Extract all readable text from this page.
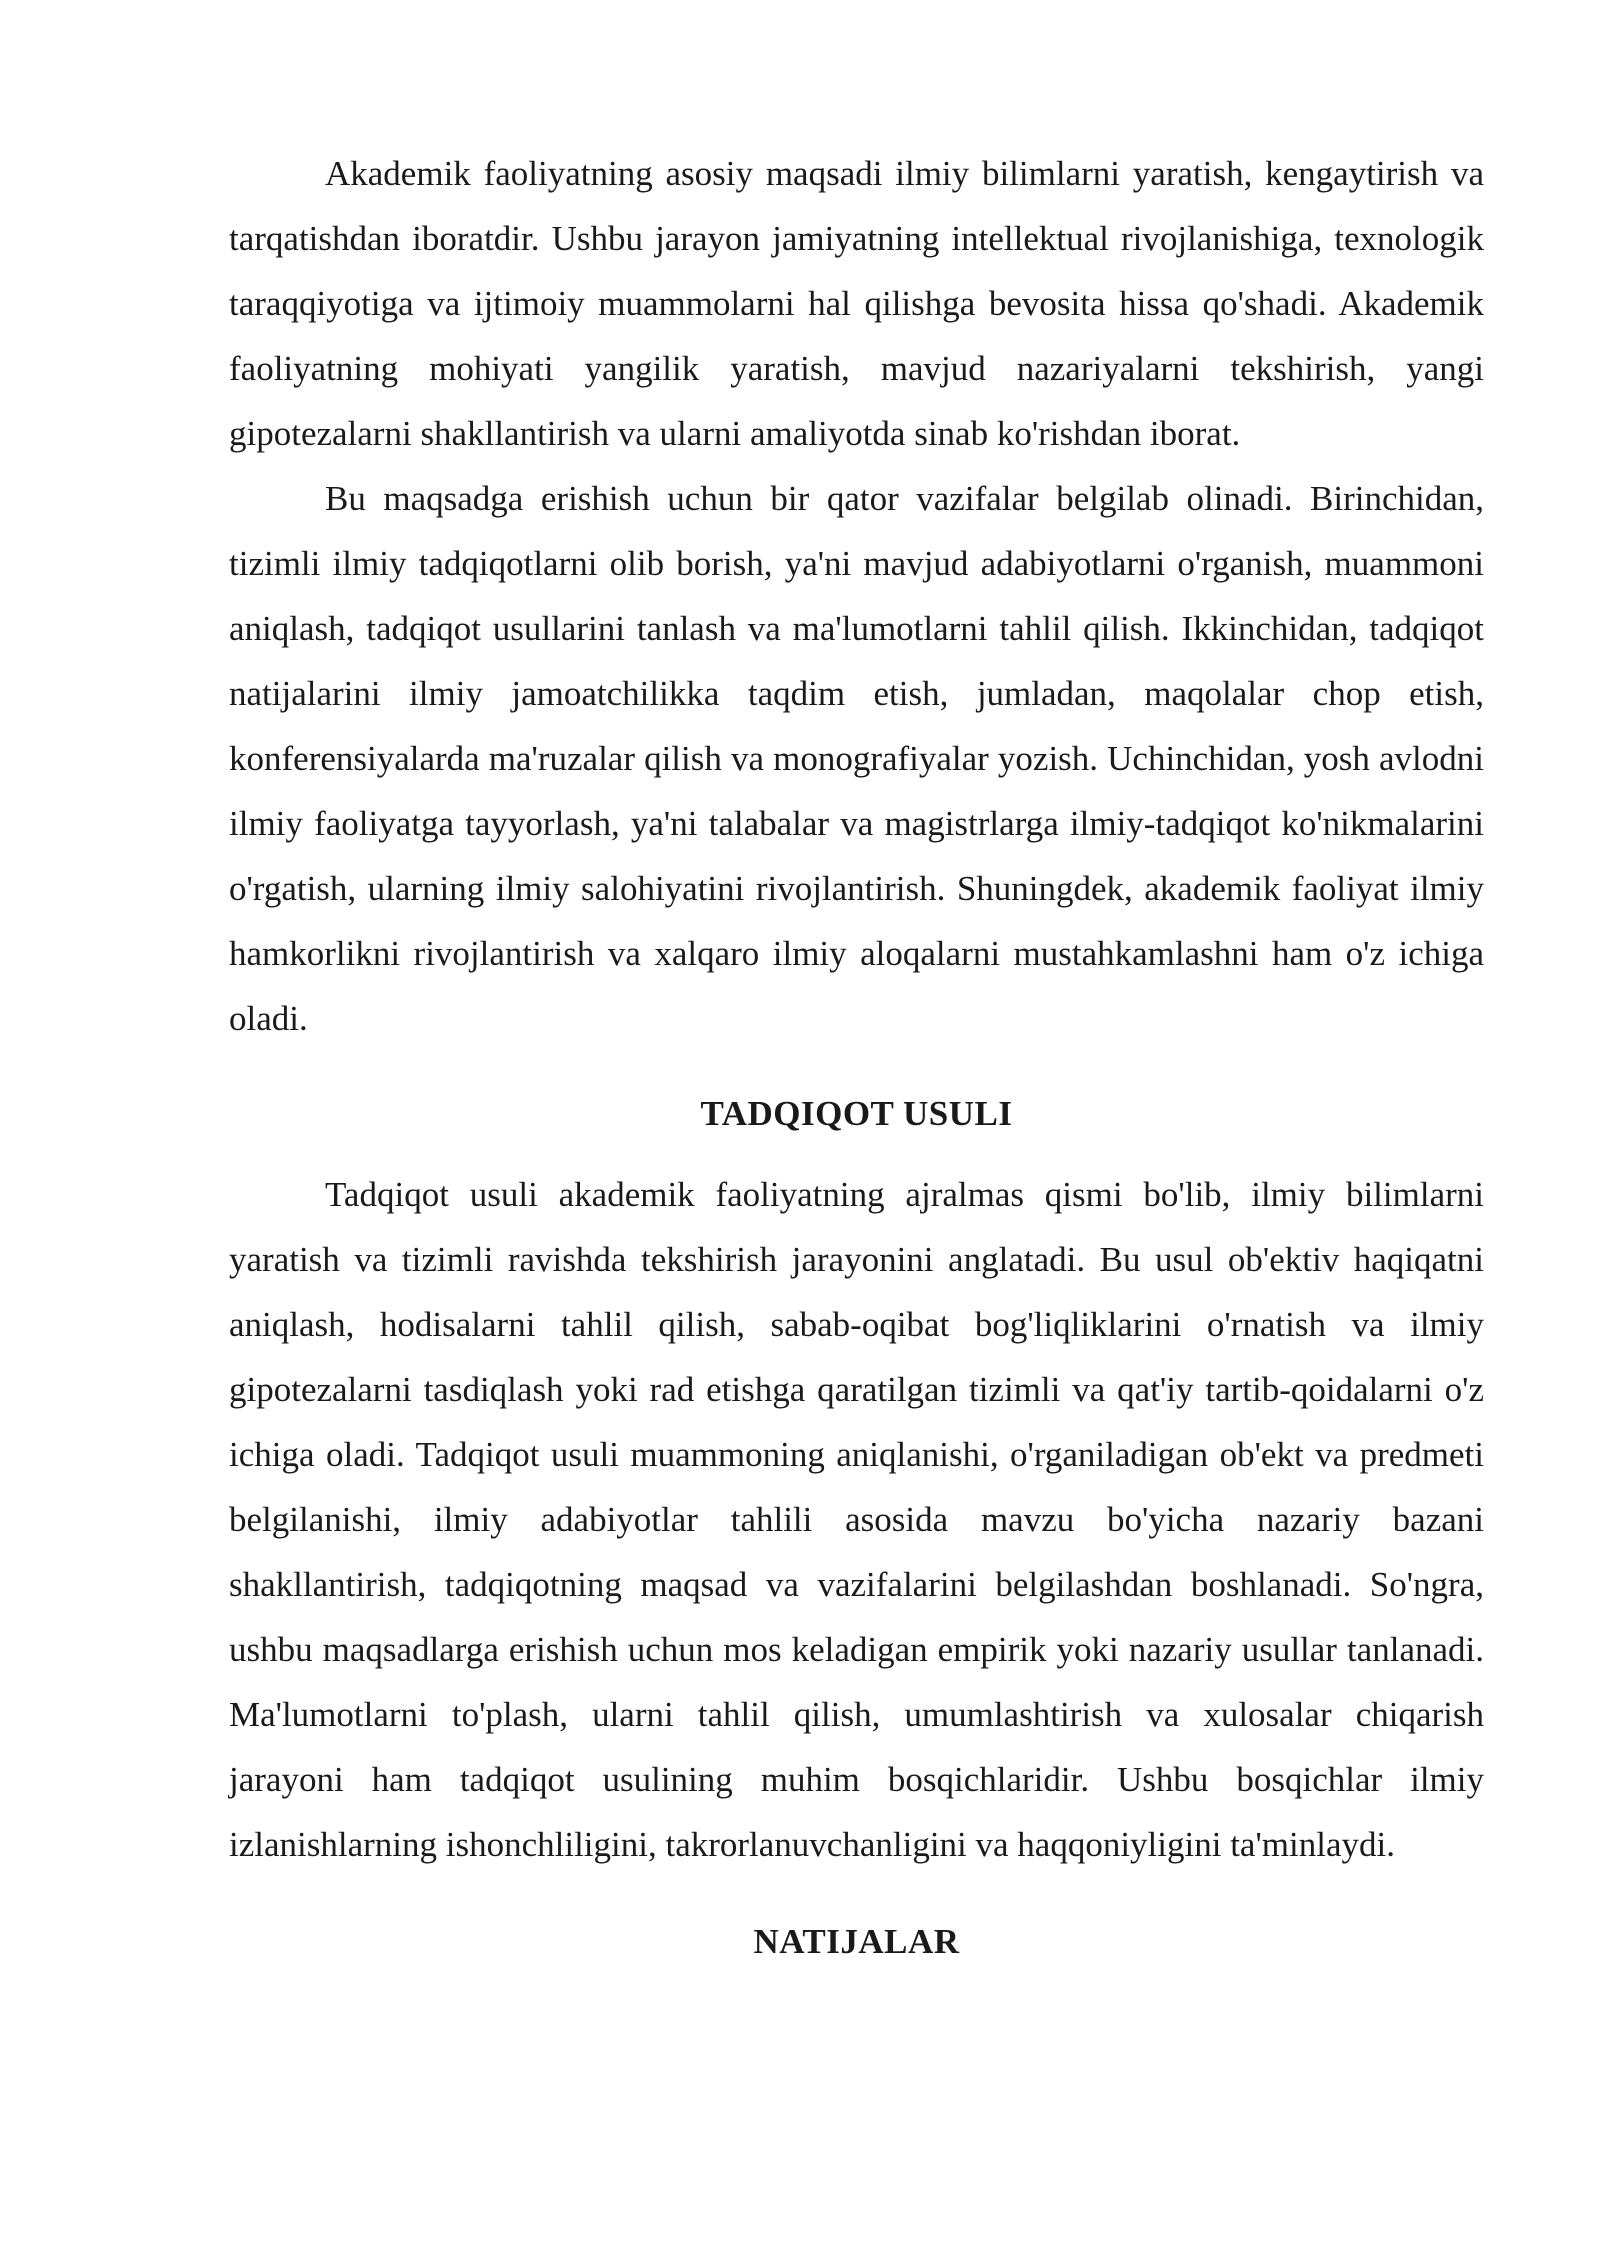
Akademik faoliyatning asosiy maqsadi ilmiy bilimlarni yaratish, kengaytirish va tarqatishdan iboratdir. Ushbu jarayon jamiyatning intellektual rivojlanishiga, texnologik taraqqiyotiga va ijtimoiy muammolarni hal qilishga bevosita hissa qo'shadi. Akademik faoliyatning mohiyati yangilik yaratish, mavjud nazariyalarni tekshirish, yangi gipotezalarni shakllantirish va ularni amaliyotda sinab ko'rishdan iborat.

Bu maqsadga erishish uchun bir qator vazifalar belgilab olinadi. Birinchidan, tizimli ilmiy tadqiqotlarni olib borish, ya'ni mavjud adabiyotlarni o'rganish, muammoni aniqlash, tadqiqot usullarini tanlash va ma'lumotlarni tahlil qilish. Ikkinchidan, tadqiqot natijalarini ilmiy jamoatchilikka taqdim etish, jumladan, maqolalar chop etish, konferensiyalarda ma'ruzalar qilish va monografiyalar yozish. Uchinchidan, yosh avlodni ilmiy faoliyatga tayyorlash, ya'ni talabalar va magistrlarga ilmiy-tadqiqot ko'nikmalarini o'rgatish, ularning ilmiy salohiyatini rivojlantirish. Shuningdek, akademik faoliyat ilmiy hamkorlikni rivojlantirish va xalqaro ilmiy aloqalarni mustahkamlashni ham o'z ichiga oladi.

TADQIQOT USULI

Tadqiqot usuli akademik faoliyatning ajralmas qismi bo'lib, ilmiy bilimlarni yaratish va tizimli ravishda tekshirish jarayonini anglatadi. Bu usul ob'ektiv haqiqatni aniqlash, hodisalarni tahlil qilish, sabab-oqibat bog'liqliklarini o'rnatish va ilmiy gipotezalarni tasdiqlash yoki rad etishga qaratilgan tizimli va qat'iy tartib-qoidalarni o'z ichiga oladi. Tadqiqot usuli muammoning aniqlanishi, o'rganiladigan ob'ekt va predmeti belgilanishi, ilmiy adabiyotlar tahlili asosida mavzu bo'yicha nazariy bazani shakllantirish, tadqiqotning maqsad va vazifalarini belgilashdan boshlanadi. So'ngra, ushbu maqsadlarga erishish uchun mos keladigan empirik yoki nazariy usullar tanlanadi. Ma'lumotlarni to'plash, ularni tahlil qilish, umumlashtirish va xulosalar chiqarish jarayoni ham tadqiqot usulining muhim bosqichlaridir. Ushbu bosqichlar ilmiy izlanishlarning ishonchliligini, takrorlanuvchanligini va haqqoniyligini ta'minlaydi.

NATIJALAR
